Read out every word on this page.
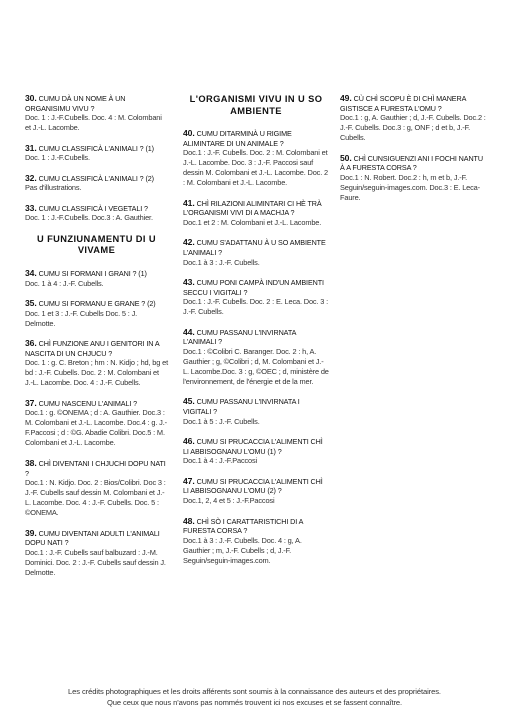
30. CUMU DÀ UN NOME À UN ORGANISIMU VIVU ?
Doc. 1 : J.-F.Cubells. Doc. 4 : M. Colombani et J.-L. Lacombe.
31. CUMU CLASSIFICÀ L'ANIMALI ? (1)
Doc. 1 : J.-F.Cubells.
32. CUMU CLASSIFICÀ L'ANIMALI ? (2)
Pas d'illustrations.
33. CUMU CLASSIFICÀ I VEGETALI ?
Doc. 1 : J.-F.Cubells. Doc.3 : A. Gauthier.
U FUNZIUNAMENTU DI U VIVAME
34. CUMU SI FORMANI I GRANI ? (1)
Doc. 1 à 4 : J.-F. Cubells.
35. CUMU SI FORMANU E GRANE ? (2)
Doc. 1 et 3 : J.-F. Cubells Doc. 5 : J. Delmotte.
36. CHÌ FUNZIONE ANU I GENITORI IN A NASCITA DI UN CHJUCU ?
Doc. 1 : g. C. Breton ; hm : N. Kidjo ; hd, bg et bd : J.-F. Cubells. Doc. 2 : M. Colombani et J.-L. Lacombe. Doc. 4 : J.-F. Cubells.
37. CUMU NASCENU L'ANIMALI ?
Doc.1 : g. ©ONEMA ; d : A. Gauthier. Doc.3 : M. Colombani et J.-L. Lacombe. Doc.4 : g. J.-F.Paccosi ; d : ©G. Abadie Colibri. Doc.5 : M. Colombani et J.-L. Lacombe.
38. CHÌ DIVENTANI I CHJUCHI DOPU NATI ?
Doc.1 : N. Kidjo. Doc. 2 : Bios/Colibri. Doc 3 : J.-F. Cubells sauf dessin M. Colombani et J.-L. Lacombe. Doc. 4 : J.-F. Cubells. Doc. 5 : ©ONEMA.
39. CUMU DIVENTANI ADULTI L'ANIMALI DOPU NATI ?
Doc.1 : J.-F. Cubells sauf balbuzard : J.-M. Dominici. Doc. 2 : J.-F. Cubells sauf dessin J. Delmotte.
L'ORGANISMI VIVU IN U SO AMBIENTE
40. CUMU DITARMINÀ U RIGIME ALIMINTARE DI UN ANIMALE ?
Doc.1 : J.-F. Cubells. Doc. 2 : M. Colombani et J.-L. Lacombe. Doc. 3 : J.-F. Paccosi sauf dessin M. Colombani et J.-L. Lacombe. Doc. 2 : M. Colombani et J.-L. Lacombe.
41. CHÌ RILAZIONI ALIMINTARI CI HÈ TRÀ L'ORGANISMI VIVI DI A MACHJA ?
Doc.1 et 2 : M. Colombani et J.-L. Lacombe.
42. CUMU S'ADATTANU À U SO AMBIENTE L'ANIMALI ?
Doc.1 à 3 : J.-F. Cubells.
43. CUMU PONI CAMPÀ IND'UN AMBIENTI SECCU I VIGITALI ?
Doc.1 : J.-F. Cubells. Doc. 2 : E. Leca. Doc. 3 : J.-F. Cubells.
44. CUMU PASSANU L'INVIRNATA L'ANIMALI ?
Doc.1 : ©Colibri C. Baranger. Doc. 2 : h, A. Gauthier ; g, ©Colibri ; d, M. Colombani et J.-L. Lacombe.Doc. 3 : g, ©OEC ; d, ministère de l'environnement, de l'énergie et de la mer.
45. CUMU PASSANU L'INVIRNATA I VIGITALI ?
Doc.1 à 5 : J.-F. Cubells.
46. CUMU SI PRUCACCIA L'ALIMENTI CHÌ LI ABBISOGNANU L'OMU (1) ?
Doc.1 à 4 : J.-F.Paccosi
47. CUMU SI PRUCACCIA L'ALIMENTI CHÌ LI ABBISOGNANU L'OMU (2) ?
Doc.1, 2, 4 et 5 : J.-F.Paccosi
48. CHÌ SÒ I CARATTARISTICHI DI A FURESTA CORSA ?
Doc.1 à 3 : J.-F. Cubells. Doc. 4 : g, A. Gauthier ; m, J.-F. Cubells ; d, J.-F. Seguin/seguin-images.com.
49. CÙ CHÌ SCOPU È DI CHÌ MANERA GISTISCE A FURESTA L'OMU ?
Doc.1 : g, A. Gauthier ; d, J.-F. Cubells. Doc.2 : J.-F. Cubells. Doc.3 : g, ONF ; d et b, J.-F. Cubells.
50. CHÌ CUNSIGUENZI ANI I FOCHI NANTU À A FURESTA CORSA ?
Doc.1 : N. Robert. Doc.2 : h, m et b, J.-F. Seguin/seguin-images.com. Doc.3 : E. Leca-Faure.
Les crédits photographiques et les droits afférents sont soumis à la connaissance des auteurs et des propriétaires.
Que ceux que nous n'avons pas nommés trouvent ici nos excuses et se fassent connaître.
